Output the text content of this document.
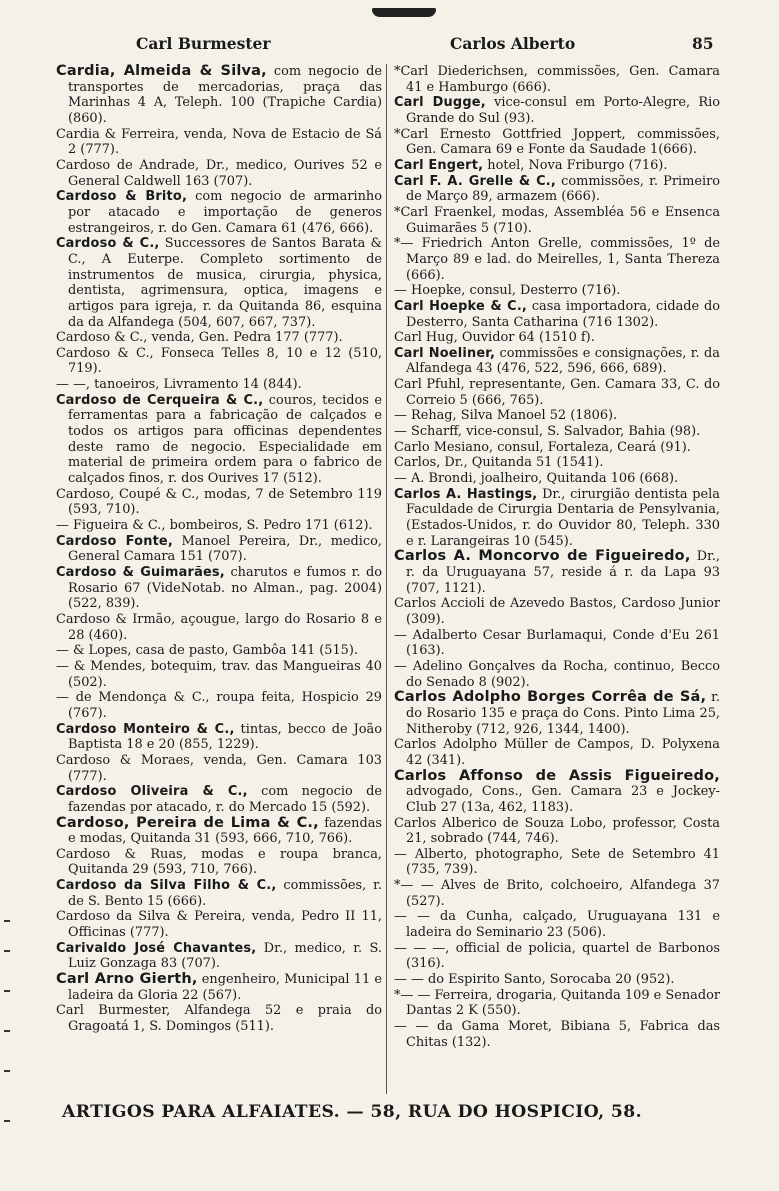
Carl Burmester	Carlos Alberto	85

Cardia, Almeida & Silva, com negocio de transportes de mercadorias, praça das Marinhas 4 A, Teleph. 100 (Trapiche Cardia) (860).

Cardia & Ferreira, venda, Nova de Estacio de Sá 2 (777).

Cardoso de Andrade, Dr., medico, Ourives 52 e General Caldwell 163 (707).

Cardoso & Brito, com negocio de armarinho por atacado e importação de generos estrangeiros, r. do Gen. Camara 61 (476, 666).

Cardoso & C., Successores de Santos Barata & C., A Euterpe. Completo sortimento de instrumentos de musica, cirurgia, physica, dentista, agrimensura, optica, imagens e artigos para igreja, r. da Quitanda 86, esquina da da Alfandega (504, 607, 667, 737).

Cardoso & C., venda, Gen. Pedra 177 (777).

Cardoso & C., Fonseca Telles 8, 10 e 12 (510, 719).

— —, tanoeiros, Livramento 14 (844).

Cardoso de Cerqueira & C., couros, tecidos e ferramentas para a fabricação de calçados e todos os artigos para officinas dependentes deste ramo de negocio. Especialidade em material de primeira ordem para o fabrico de calçados finos, r. dos Ourives 17 (512).

Cardoso, Coupé & C., modas, 7 de Setembro 119 (593, 710).

— Figueira & C., bombeiros, S. Pedro 171 (612).

Cardoso Fonte, Manoel Pereira, Dr., medico, General Camara 151 (707).

Cardoso & Guimarães, charutos e fumos r. do Rosario 67 (VideNotab. no Alman., pag. 2004) (522, 839).

Cardoso & Irmão, açougue, largo do Rosario 8 e 28 (460).

— & Lopes, casa de pasto, Gambôa 141 (515).

— & Mendes, botequim, trav. das Mangueiras 40 (502).

— de Mendonça & C., roupa feita, Hospicio 29 (767).

Cardoso Monteiro & C., tintas, becco de João Baptista 18 e 20 (855, 1229).

Cardoso & Moraes, venda, Gen. Camara 103 (777).

Cardoso Oliveira & C., com negocio de fazendas por atacado, r. do Mercado 15 (592).

Cardoso, Pereira de Lima & C., fazendas e modas, Quitanda 31 (593, 666, 710, 766).

Cardoso & Ruas, modas e roupa branca, Quitanda 29 (593, 710, 766).

Cardoso da Silva Filho & C., commissões, r. de S. Bento 15 (666).

Cardoso da Silva & Pereira, venda, Pedro II 11, Officinas (777).

Carivaldo José Chavantes, Dr., medico, r. S. Luiz Gonzaga 83 (707).

Carl Arno Gierth, engenheiro, Municipal 11 e ladeira da Gloria 22 (567).

Carl Burmester, Alfandega 52 e praia do Gragoatá 1, S. Domingos (511).

*Carl Diederichsen, commissões, Gen. Camara 41 e Hamburgo (666).

Carl Dugge, vice-consul em Porto-Alegre, Rio Grande do Sul (93).

*Carl Ernesto Gottfried Joppert, commissões, Gen. Camara 69 e Fonte da Saudade 1(666).

Carl Engert, hotel, Nova Friburgo (716).

Carl F. A. Grelle & C., commissões, r. Primeiro de Março 89, armazem (666).

*Carl Fraenkel, modas, Assembléa 56 e Ensenca Guimarães 5 (710).

*— Friedrich Anton Grelle, commissões, 1º de Março 89 e lad. do Meirelles, 1, Santa Thereza (666).

— Hoepke, consul, Desterro (716).

Carl Hoepke & C., casa importadora, cidade do Desterro, Santa Catharina (716 1302).

Carl Hug, Ouvidor 64 (1510 f).

Carl Noeliner, commissões e consignações, r. da Alfandega 43 (476, 522, 596, 666, 689).

Carl Pfuhl, representante, Gen. Camara 33, C. do Correio 5 (666, 765).

— Rehag, Silva Manoel 52 (1806).

— Scharff, vice-consul, S. Salvador, Bahia (98).

Carlo Mesiano, consul, Fortaleza, Ceará (91).

Carlos, Dr., Quitanda 51 (1541).

— A. Brondi, joalheiro, Quitanda 106 (668).

Carlos A. Hastings, Dr., cirurgião dentista pela Faculdade de Cirurgia Dentaria de Pensylvania, (Estados-Unidos, r. do Ouvidor 80, Teleph. 330 e r. Larangeiras 10 (545).

Carlos A. Moncorvo de Figueiredo, Dr., r. da Uruguayana 57, reside á r. da Lapa 93 (707, 1121).

Carlos Accioli de Azevedo Bastos, Cardoso Junior (309).

— Adalberto Cesar Burlamaqui, Conde d'Eu 261 (163).

— Adelino Gonçalves da Rocha, continuo, Becco do Senado 8 (902).

Carlos Adolpho Borges Corrêa de Sá, r. do Rosario 135 e praça do Cons. Pinto Lima 25, Nitheroby (712, 926, 1344, 1400).

Carlos Adolpho Müller de Campos, D. Polyxena 42 (341).

Carlos Affonso de Assis Figueiredo, advogado, Cons., Gen. Camara 23 e Jockey-Club 27 (13a, 462, 1183).

Carlos Alberico de Souza Lobo, professor, Costa 21, sobrado (744, 746).

— Alberto, photographo, Sete de Setembro 41 (735, 739).

*— — Alves de Brito, colchoeiro, Alfandega 37 (527).

— — da Cunha, calçado, Uruguayana 131 e ladeira do Seminario 23 (506).

— — —, official de policia, quartel de Barbonos (316).

— — do Espirito Santo, Sorocaba 20 (952).

*— — Ferreira, drogaria, Quitanda 109 e Senador Dantas 2 K (550).

— — da Gama Moret, Bibiana 5, Fabrica das Chitas (132).

ARTIGOS PARA ALFAIATES. — 58, RUA DO HOSPICIO, 58.
